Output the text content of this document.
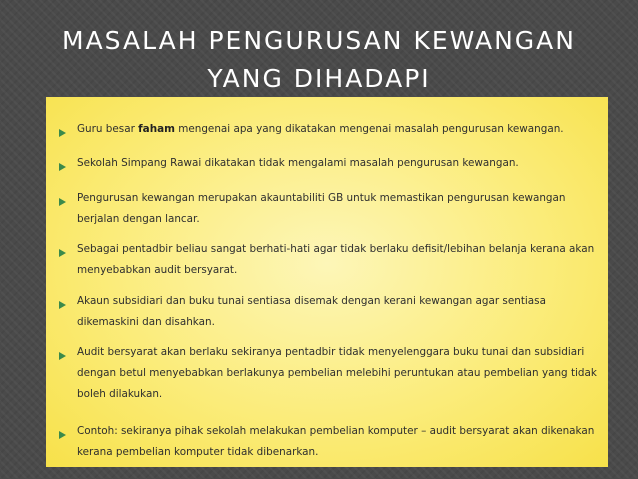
MASALAH PENGURUSAN KEWANGAN
YANG DIHADAPI
Guru besar faham mengenai apa yang dikatakan mengenai masalah pengurusan kewangan.
Sekolah Simpang Rawai dikatakan tidak mengalami masalah pengurusan kewangan.
Pengurusan kewangan merupakan akauntabiliti GB untuk memastikan pengurusan kewangan berjalan dengan lancar.
Sebagai pentadbir beliau sangat berhati-hati agar tidak berlaku defisit/lebihan belanja kerana akan menyebabkan audit bersyarat.
Akaun subsidiari dan buku tunai sentiasa disemak dengan kerani kewangan agar sentiasa dikemaskini dan disahkan.
Audit bersyarat akan berlaku sekiranya pentadbir tidak menyelenggara buku tunai dan subsidiari dengan betul menyebabkan berlakunya pembelian melebihi peruntukan atau pembelian yang tidak boleh dilakukan.
Contoh: sekiranya pihak sekolah melakukan pembelian komputer – audit bersyarat akan dikenakan kerana pembelian komputer tidak dibenarkan.
